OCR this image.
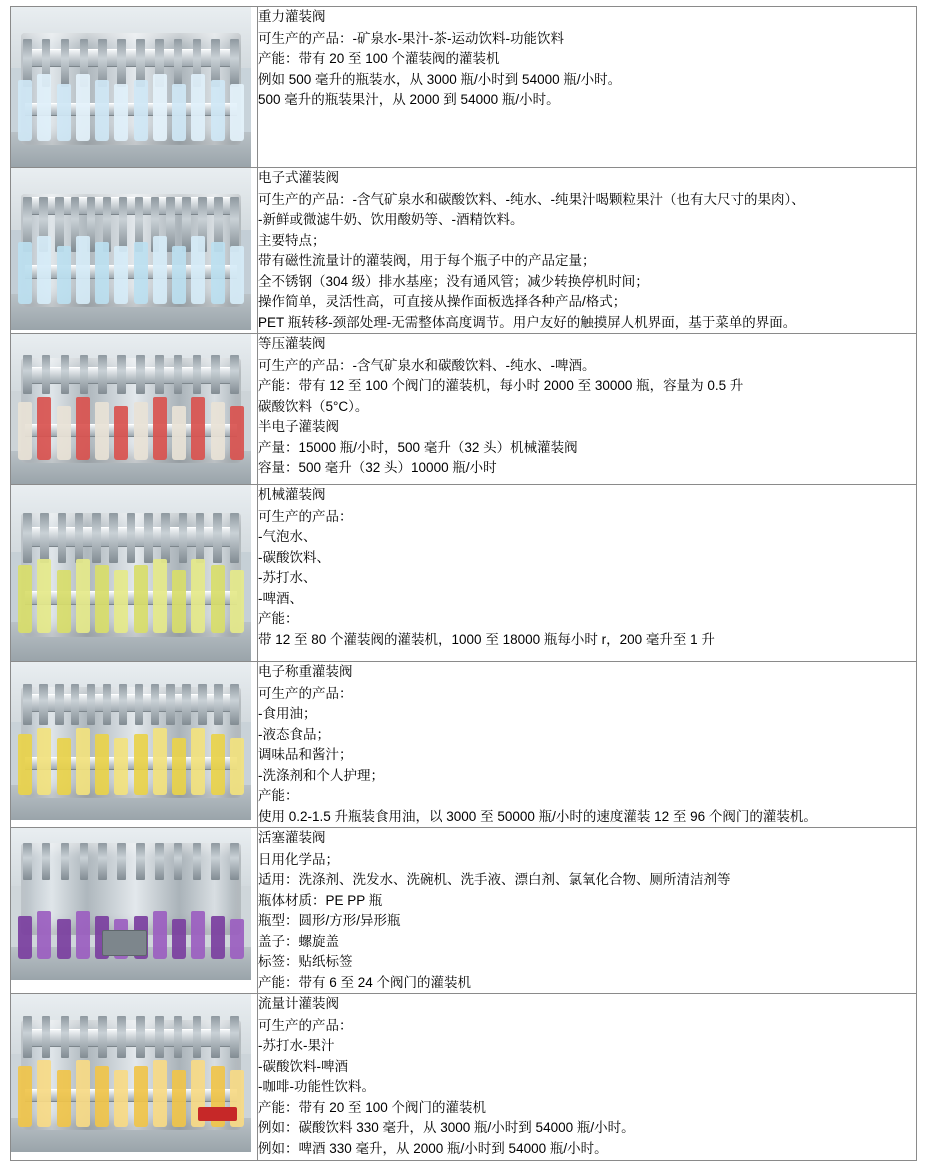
	重力灌装阀
可生产的产品：-矿泉水-果汁-茶-运动饮料-功能饮料
产能：带有 20 至 100 个灌装阀的灌装机
例如 500 毫升的瓶装水，从 3000 瓶/小时到 54000 瓶/小时。
500 毫升的瓶装果汁，从 2000 到 54000 瓶/小时。

电子式灌装阀
可生产的产品：-含气矿泉水和碳酸饮料、-纯水、-纯果汁喝颗粒果汁（也有大尺寸的果肉）、
-新鲜或微滤牛奶、饮用酸奶等、-酒精饮料。
主要特点；
带有磁性流量计的灌装阀，用于每个瓶子中的产品定量；
全不锈钢（304 级）排水基座；没有通风管；减少转换停机时间；
操作简单，灵活性高，可直接从操作面板选择各种产品/格式；
PET 瓶转移-颈部处理-无需整体高度调节。用户友好的触摸屏人机界面，基于菜单的界面。

等压灌装阀
可生产的产品：-含气矿泉水和碳酸饮料、-纯水、-啤酒。
产能：带有 12 至 100 个阀门的灌装机，每小时 2000 至 30000 瓶，容量为 0.5 升
碳酸饮料（5°C）。
半电子灌装阀
产量：15000 瓶/小时，500 毫升（32 头）机械灌装阀
容量：500 毫升（32 头）10000 瓶/小时

机械灌装阀
可生产的产品：
-气泡水、
-碳酸饮料、
-苏打水、
-啤酒、
产能：
带 12 至 80 个灌装阀的灌装机，1000 至 18000 瓶每小时 r，200 毫升至 1 升

电子称重灌装阀
可生产的产品：
-食用油；
-液态食品；
调味品和酱汁；
-洗涤剂和个人护理；
产能：
使用 0.2-1.5 升瓶装食用油，以 3000 至 50000 瓶/小时的速度灌装 12 至 96 个阀门的灌装机。

活塞灌装阀
日用化学品；
适用：洗涤剂、洗发水、洗碗机、洗手液、漂白剂、氯氧化合物、厕所清洁剂等
瓶体材质：PE PP 瓶
瓶型：圆形/方形/异形瓶
盖子：螺旋盖
标签：贴纸标签
产能：带有 6 至 24 个阀门的灌装机

流量计灌装阀
可生产的产品：
-苏打水-果汁
-碳酸饮料-啤酒
-咖啡-功能性饮料。
产能：带有 20 至 100 个阀门的灌装机
例如：碳酸饮料 330 毫升，从 3000 瓶/小时到 54000 瓶/小时。
例如：啤酒 330 毫升，从 2000 瓶/小时到 54000 瓶/小时。
